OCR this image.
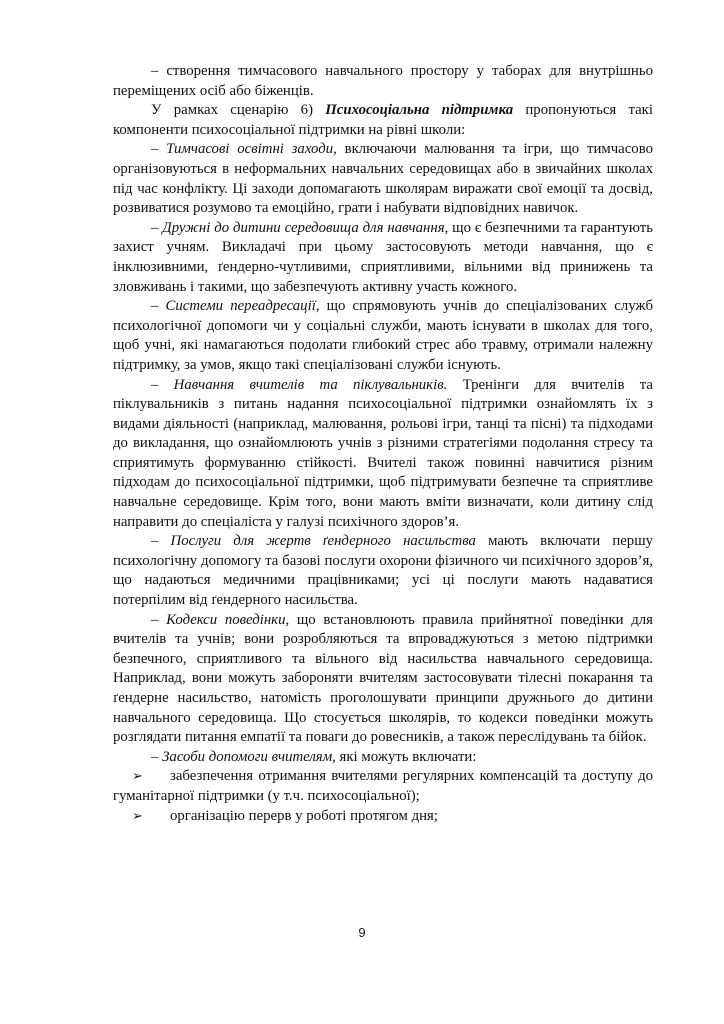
– створення тимчасового навчального простору у таборах для внутрішньо переміщених осіб або біженців.

У рамках сценарію 6) Психосоціальна підтримка пропонуються такі компоненти психосоціальної підтримки на рівні школи:

– Тимчасові освітні заходи, включаючи малювання та ігри, що тимчасово організовуються в неформальних навчальних середовищах або в звичайних школах під час конфлікту. Ці заходи допомагають школярам виражати свої емоції та досвід, розвиватися розумово та емоційно, грати і набувати відповідних навичок.

– Дружні до дитини середовища для навчання, що є безпечними та гарантують захист учням. Викладачі при цьому застосовують методи навчання, що є інклюзивними, ґендерно-чутливими, сприятливими, вільними від принижень та зловживань і такими, що забезпечують активну участь кожного.

– Системи переадресації, що спрямовують учнів до спеціалізованих служб психологічної допомоги чи у соціальні служби, мають існувати в школах для того, щоб учні, які намагаються подолати глибокий стрес або травму, отримали належну підтримку, за умов, якщо такі спеціалізовані служби існують.

– Навчання вчителів та піклувальників. Тренінги для вчителів та піклувальників з питань надання психосоціальної підтримки ознайомлять їх з видами діяльності (наприклад, малювання, рольові ігри, танці та пісні) та підходами до викладання, що ознайомлюють учнів з різними стратегіями подолання стресу та сприятимуть формуванню стійкості. Вчителі також повинні навчитися різним підходам до психосоціальної підтримки, щоб підтримувати безпечне та сприятливе навчальне середовище. Крім того, вони мають вміти визначати, коли дитину слід направити до спеціаліста у галузі психічного здоров’я.

– Послуги для жертв ґендерного насильства мають включати першу психологічну допомогу та базові послуги охорони фізичного чи психічного здоров’я, що надаються медичними працівниками; усі ці послуги мають надаватися потерпілим від ґендерного насильства.

– Кодекси поведінки, що встановлюють правила прийнятної поведінки для вчителів та учнів; вони розробляються та впроваджуються з метою підтримки безпечного, сприятливого та вільного від насильства навчального середовища. Наприклад, вони можуть забороняти вчителям застосовувати тілесні покарання та ґендерне насильство, натомість проголошувати принципи дружнього до дитини навчального середовища. Що стосується школярів, то кодекси поведінки можуть розглядати питання емпатії та поваги до ровесників, а також переслідувань та бійок.

– Засоби допомоги вчителям, які можуть включати:

➢ забезпечення отримання вчителями регулярних компенсацій та доступу до гуманітарної підтримки (у т.ч. психосоціальної);

➢ організацію перерв у роботі протягом дня;

9
